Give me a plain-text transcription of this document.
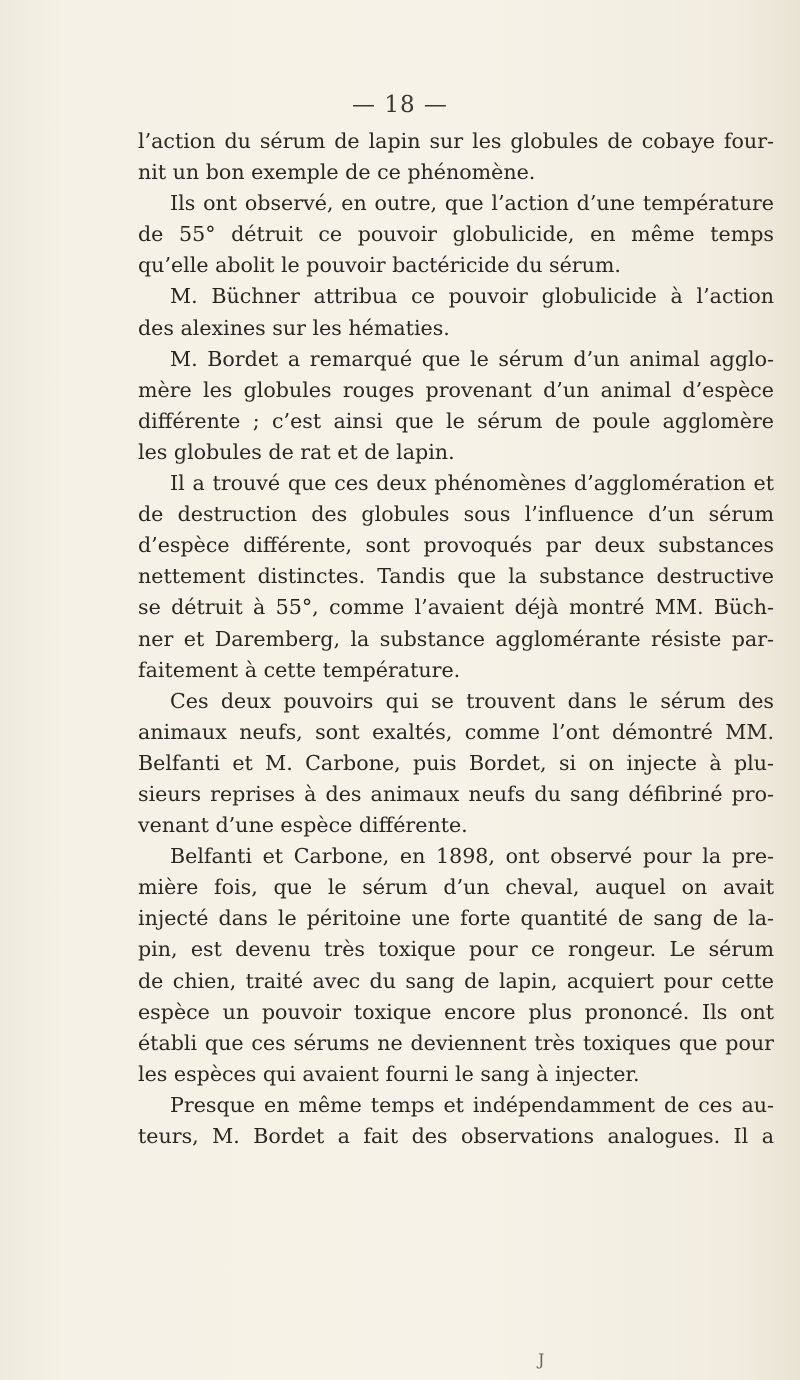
— 18 —

l’action du sérum de lapin sur les globules de cobaye four-
nit un bon exemple de ce phénomène.

Ils ont observé, en outre, que l’action d’une température
de 55° détruit ce pouvoir globulicide, en même temps
qu’elle abolit le pouvoir bactéricide du sérum.

M. Büchner attribua ce pouvoir globulicide à l’action
des alexines sur les hématies.

M. Bordet a remarqué que le sérum d’un animal agglo-
mère les globules rouges provenant d’un animal d’espèce
différente ; c’est ainsi que le sérum de poule agglomère
les globules de rat et de lapin.

Il a trouvé que ces deux phénomènes d’agglomération et
de destruction des globules sous l’influence d’un sérum
d’espèce différente, sont provoqués par deux substances
nettement distinctes. Tandis que la substance destructive
se détruit à 55°, comme l’avaient déjà montré MM. Büch-
ner et Daremberg, la substance agglomérante résiste par-
faitement à cette température.

Ces deux pouvoirs qui se trouvent dans le sérum des
animaux neufs, sont exaltés, comme l’ont démontré MM.
Belfanti et M. Carbone, puis Bordet, si on injecte à plu-
sieurs reprises à des animaux neufs du sang défibriné pro-
venant d’une espèce différente.

Belfanti et Carbone, en 1898, ont observé pour la pre-
mière fois, que le sérum d’un cheval, auquel on avait
injecté dans le péritoine une forte quantité de sang de la-
pin, est devenu très toxique pour ce rongeur. Le sérum
de chien, traité avec du sang de lapin, acquiert pour cette
espèce un pouvoir toxique encore plus prononcé. Ils ont
établi que ces sérums ne deviennent très toxiques que pour
les espèces qui avaient fourni le sang à injecter.

Presque en même temps et indépendamment de ces au-
teurs, M. Bordet a fait des observations analogues. Il a

J
